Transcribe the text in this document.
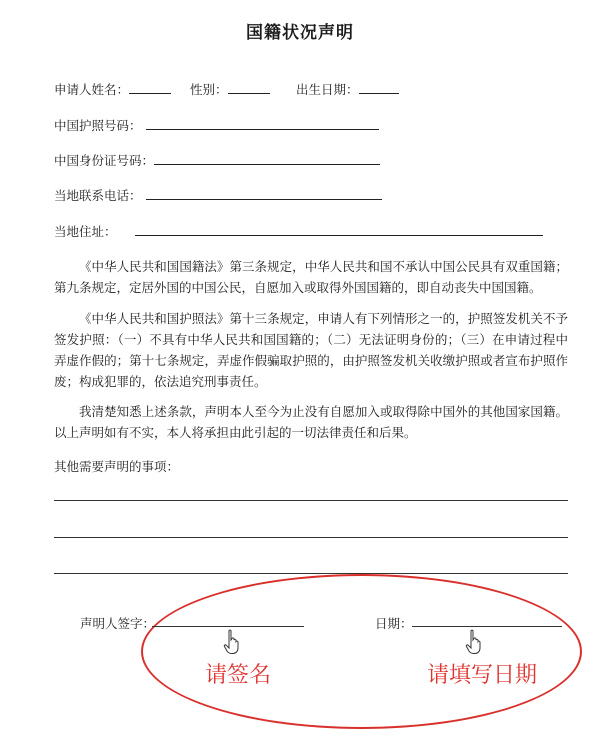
国籍状况声明
申请人姓名：	性别：	出生日期：
中国护照号码：
中国身份证号码：
当地联系电话：
当地住址：
《中华人民共和国国籍法》第三条规定，中华人民共和国不承认中国公民具有双重国籍；第九条规定，定居外国的中国公民，自愿加入或取得外国国籍的，即自动丧失中国国籍。
《中华人民共和国护照法》第十三条规定，申请人有下列情形之一的，护照签发机关不予签发护照：（一）不具有中华人民共和国国籍的；（二）无法证明身份的；（三）在申请过程中弄虚作假的；第十七条规定，弄虚作假骗取护照的，由护照签发机关收缴护照或者宣布护照作废；构成犯罪的，依法追究刑事责任。
我清楚知悉上述条款，声明本人至今为止没有自愿加入或取得除中国外的其他国家国籍。以上声明如有不实，本人将承担由此引起的一切法律责任和后果。
其他需要声明的事项：
声明人签字：	日期：
请签名	请填写日期
